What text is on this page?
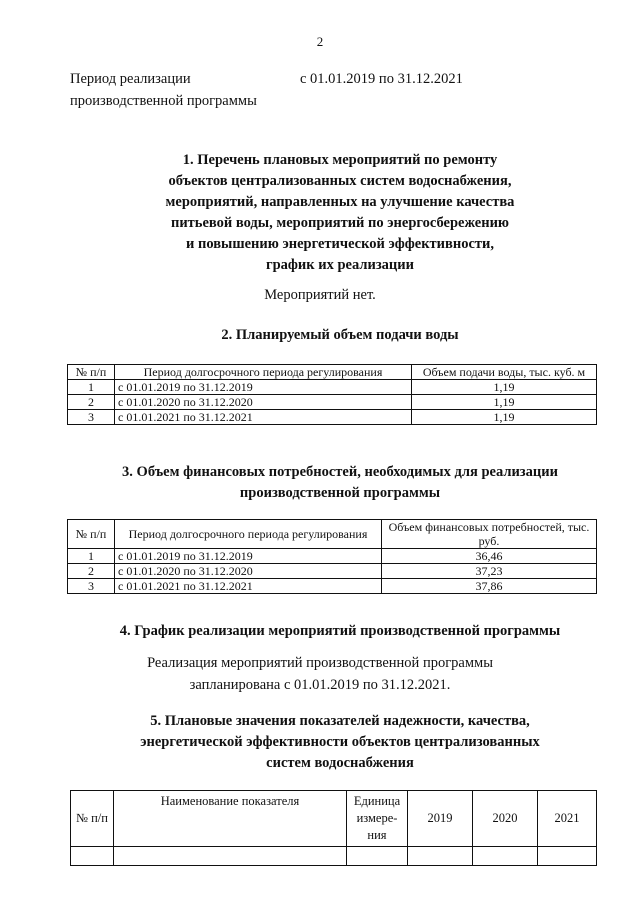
2
Период реализации
производственной программы
с 01.01.2019 по 31.12.2021
1. Перечень плановых мероприятий по ремонту
объектов централизованных систем водоснабжения,
мероприятий, направленных на улучшение качества
питьевой воды, мероприятий по энергосбережению
и повышению энергетической эффективности,
график их реализации
Мероприятий нет.
2. Планируемый объем подачи воды
№ п/п	Период долгосрочного периода регулирования	Объем подачи воды, тыс. куб. м
1	с 01.01.2019 по 31.12.2019	1,19
2	с 01.01.2020 по 31.12.2020	1,19
3	с 01.01.2021 по 31.12.2021	1,19
3. Объем финансовых потребностей, необходимых для реализации
производственной программы
№ п/п	Период долгосрочного периода регулирования	Объем финансовых потребностей, тыс. руб.
1	с 01.01.2019 по 31.12.2019	36,46
2	с 01.01.2020 по 31.12.2020	37,23
3	с 01.01.2021 по 31.12.2021	37,86
4. График реализации мероприятий производственной программы
Реализация мероприятий производственной программы
запланирована с 01.01.2019 по 31.12.2021.
5. Плановые значения показателей надежности, качества,
энергетической эффективности объектов централизованных
систем водоснабжения
№ п/п	Наименование показателя	Единица измере-ния	2019	2020	2021
